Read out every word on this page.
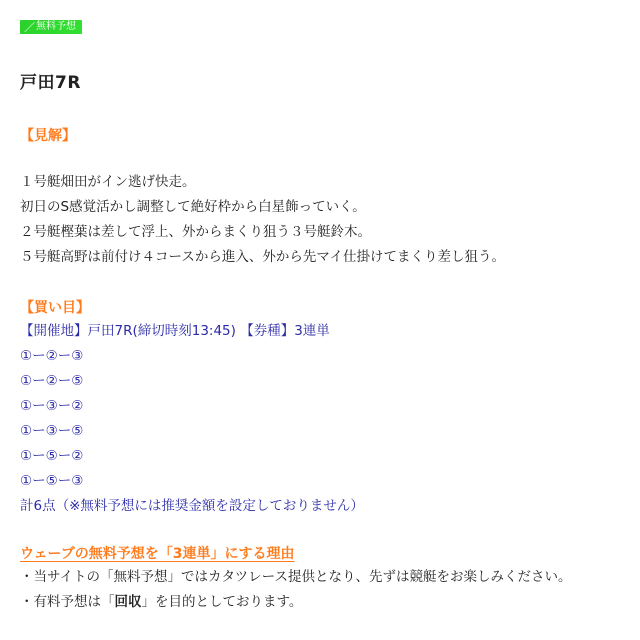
／ 無料予想
戸田7R
【見解】
１号艇畑田がイン逃げ快走。
初日のS感覚活かし調整して絶好枠から白星飾っていく。
２号艇樫葉は差して浮上、外からまくり狙う３号艇鈴木。
５号艇高野は前付け４コースから進入、外から先マイ仕掛けてまくり差し狙う。
【買い目】
【開催地】戸田7R(締切時刻13:45) 【券種】3連単
①ー②ー③
①ー②ー⑤
①ー③ー②
①ー③ー⑤
①ー⑤ー②
①ー⑤ー③
計6点（※無料予想には推奨金額を設定しておりません）
ウェーブの無料予想を「3連単」にする理由
・当サイトの「無料予想」ではカタツレース提供となり、先ずは競艇をお楽しみください。
・有料予想は「回収」を目的としております。
